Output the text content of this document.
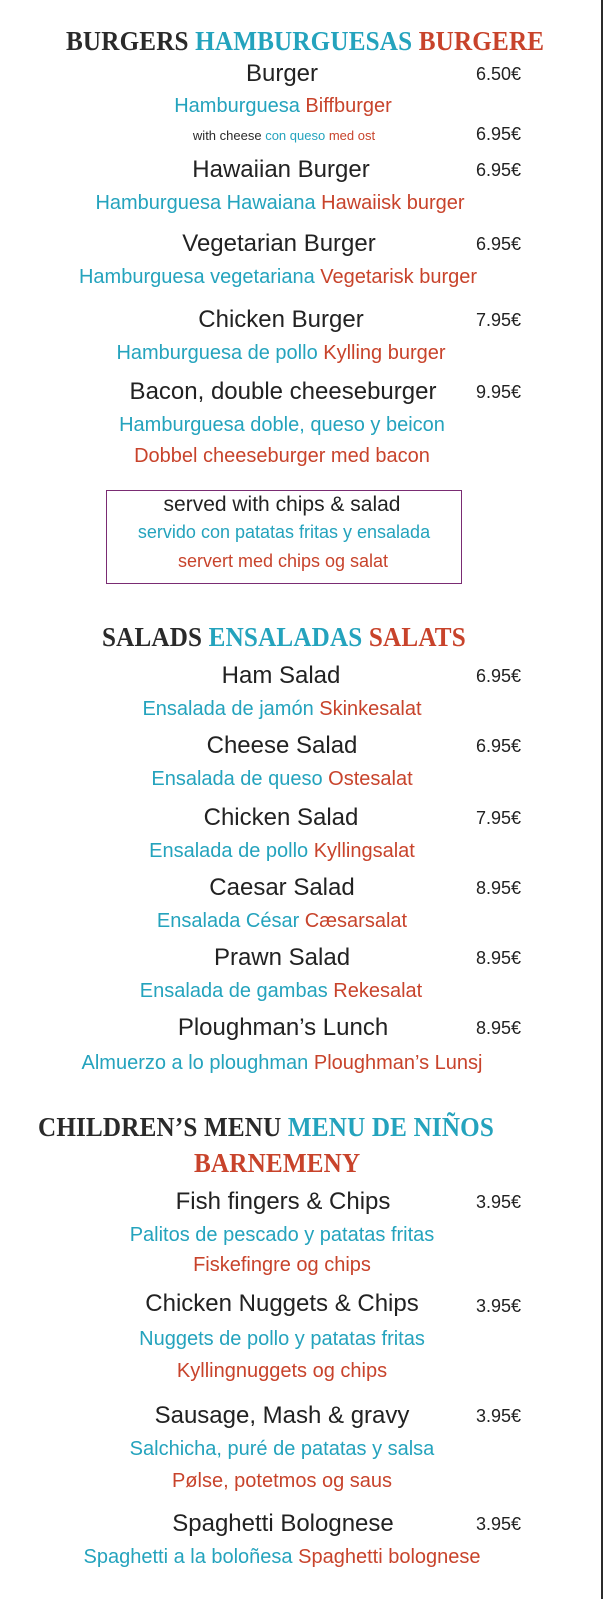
BURGERS HAMBURGUESAS BURGERE
Burger	6.50€
Hamburguesa Biffburger
with cheese con queso med ost	6.95€
Hawaiian Burger	6.95€
Hamburguesa Hawaiana Hawaiisk burger
Vegetarian Burger	6.95€
Hamburguesa vegetariana Vegetarisk burger
Chicken Burger	7.95€
Hamburguesa de pollo Kylling burger
Bacon, double cheeseburger 9.95€
Hamburguesa doble, queso y beicon
Dobbel cheeseburger med bacon
served with chips & salad
servido con patatas fritas y ensalada
servert med chips og salat
SALADS ENSALADAS SALATS
Ham Salad	6.95€
Ensalada de jamón Skinkesalat
Cheese Salad	6.95€
Ensalada de queso Ostesalat
Chicken Salad	7.95€
Ensalada de pollo Kyllingsalat
Caesar Salad	8.95€
Ensalada César Cæsarsalat
Prawn Salad	8.95€
Ensalada de gambas Rekesalat
Ploughman’s Lunch	8.95€
Almuerzo a lo ploughman Ploughman’s Lunsj
CHILDREN’S MENU MENU DE NIÑOS
BARNEMENY
Fish fingers & Chips	3.95€
Palitos de pescado y patatas fritas
Fiskefingre og chips
Chicken Nuggets & Chips	3.95€
Nuggets de pollo y patatas fritas
Kyllingnuggets og chips
Sausage, Mash & gravy	3.95€
Salchicha, puré de patatas y salsa
Pølse, potetmos og saus
Spaghetti Bolognese	3.95€
Spaghetti a la boloñesa Spaghetti bolognese
